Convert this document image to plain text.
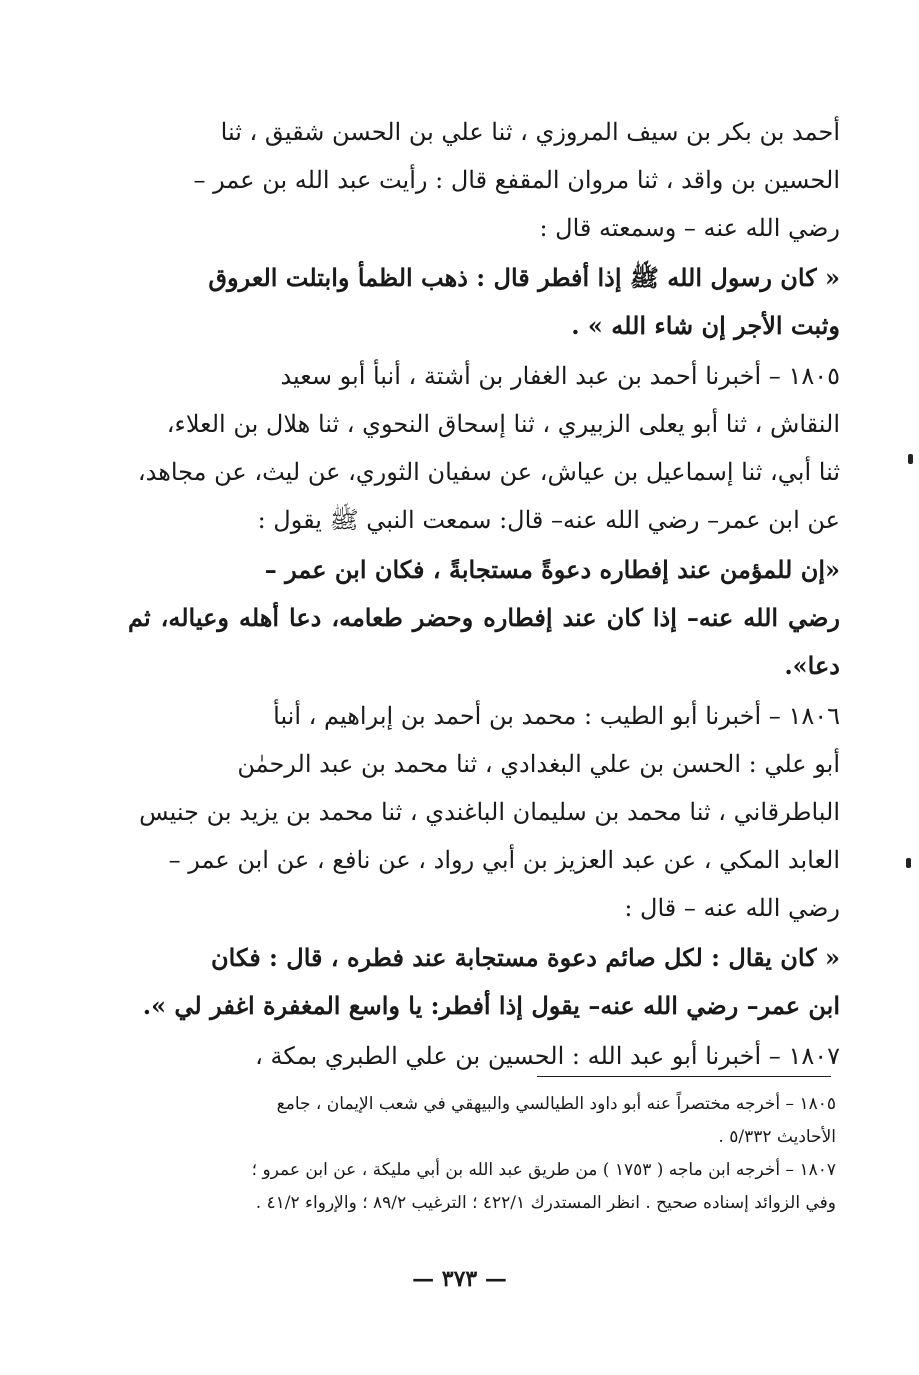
أحمد بن بكر بن سيف المروزي ، ثنا علي بن الحسن شقيق ، ثنا

الحسين بن واقد ، ثنا مروان المقفع قال : رأيت عبد الله بن عمر –

رضي الله عنه – وسمعته قال :

« كان رسول الله ﷺ إذا أفطر قال : ذهب الظمأ وابتلت العروق

وثبت الأجر إن شاء الله » .

١٨٠٥ – أخبرنا أحمد بن عبد الغفار بن أشتة ، أنبأ أبو سعيد

النقاش ، ثنا أبو يعلى الزبيري ، ثنا إسحاق النحوي ، ثنا هلال بن العلاء،

ثنا أبي، ثنا إسماعيل بن عياش، عن سفيان الثوري، عن ليث، عن مجاهد،

عن ابن عمر– رضي الله عنه– قال: سمعت النبي ﷺ يقول :

«إن للمؤمن عند إفطاره دعوةً مستجابةً ، فكان ابن عمر –

رضي الله عنه– إذا كان عند إفطاره وحضر طعامه، دعا أهله وعياله، ثم دعا».

١٨٠٦ – أخبرنا أبو الطيب : محمد بن أحمد بن إبراهيم ، أنبأ

أبو علي : الحسن بن علي البغدادي ، ثنا محمد بن عبد الرحمٰن

الباطرقاني ، ثنا محمد بن سليمان الباغندي ، ثنا محمد بن يزيد بن جنيس

العابد المكي ، عن عبد العزيز بن أبي رواد ، عن نافع ، عن ابن عمر –

رضي الله عنه – قال :

« كان يقال : لكل صائم دعوة مستجابة عند فطره ، قال : فكان

ابن عمر– رضي الله عنه– يقول إذا أفطر: يا واسع المغفرة اغفر لي ».

١٨٠٧ – أخبرنا أبو عبد الله : الحسين بن علي الطبري بمكة ،

١٨٠٥ – أخرجه مختصراً عنه أبو داود الطيالسي والبيهقي في شعب الإيمان ، جامع

الأحاديث ٥/٣٣٢ .

١٨٠٧ – أخرجه ابن ماجه ( ١٧٥٣ ) من طريق عبد الله بن أبي مليكة ، عن ابن عمرو ؛

وفي الزوائد إسناده صحيح . انظر المستدرك ٤٢٢/١ ؛ الترغيب ٨٩/٢ ؛ والإرواء ٤١/٢ .

— ٣٧٣ —
